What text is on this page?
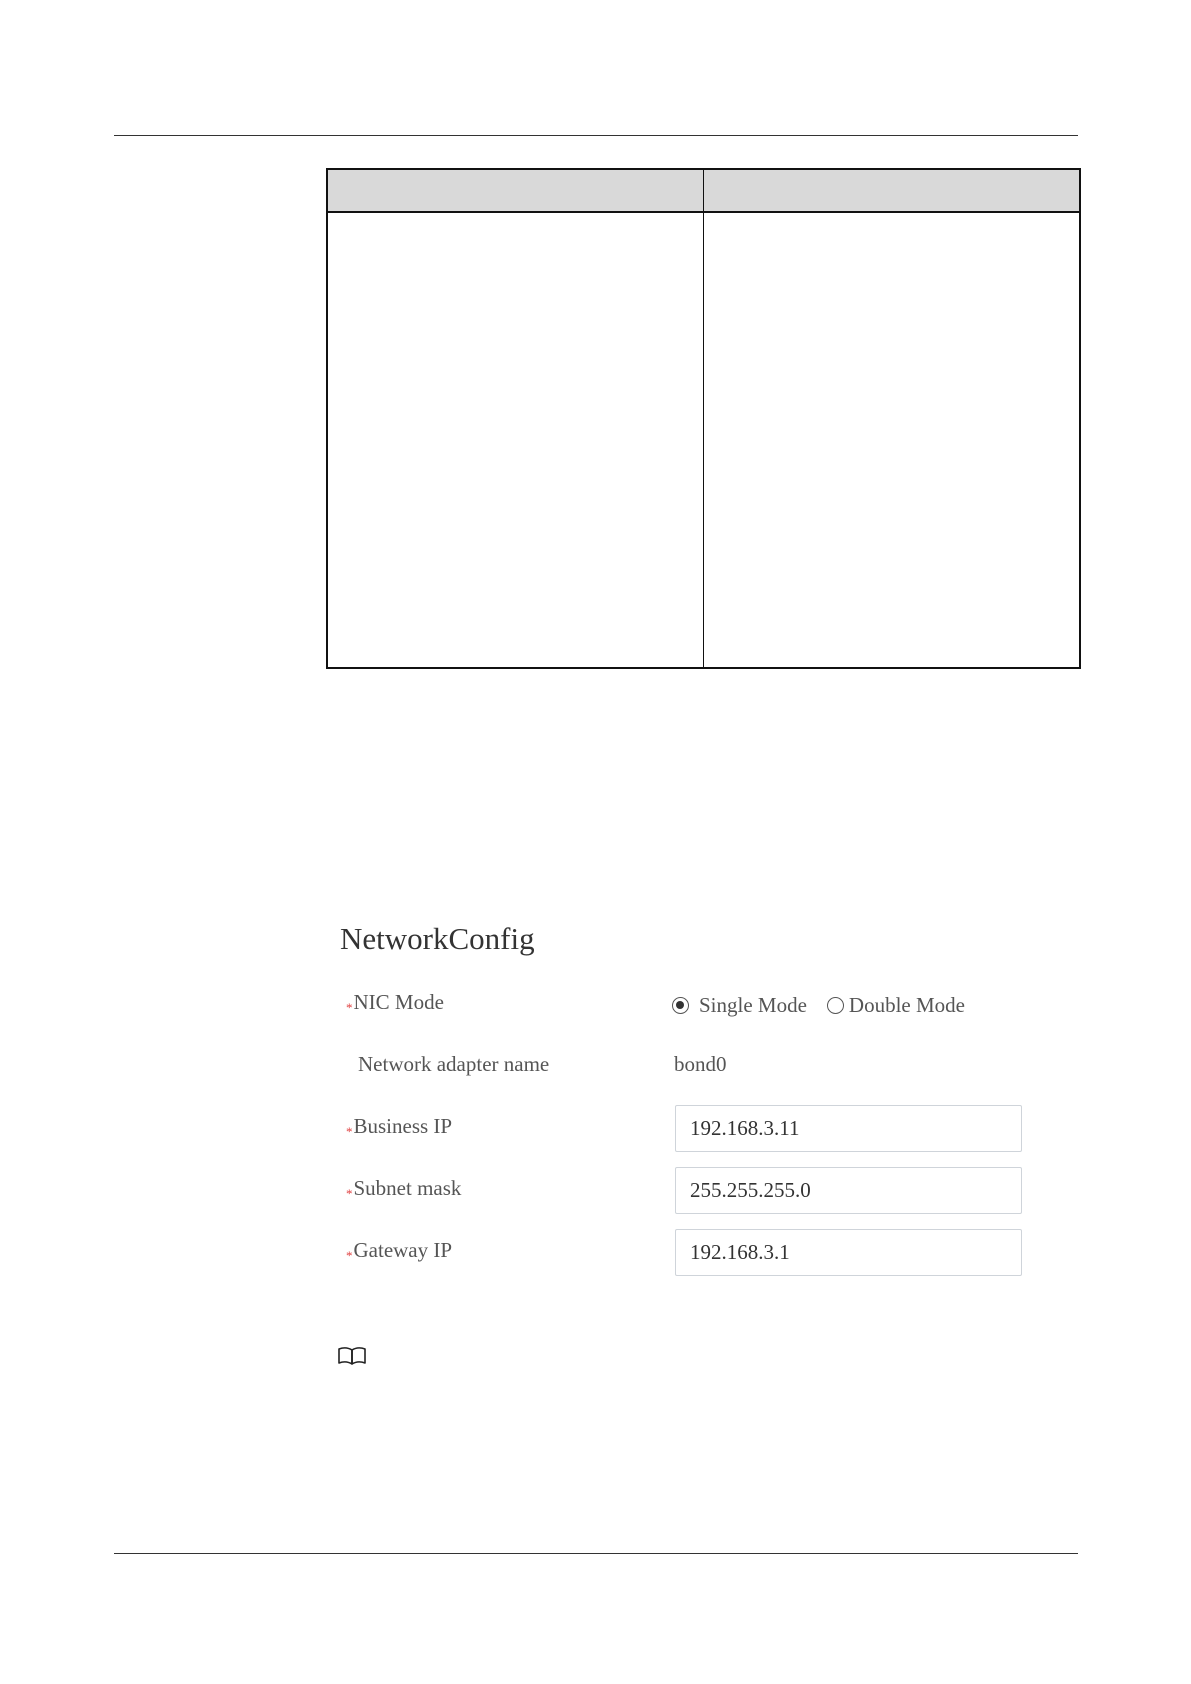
NetworkConfig
*NIC Mode	Single Mode Double Mode
Network adapter name	bond0
*Business IP
192.168.3.11
*Subnet mask
255.255.255.0
*Gateway IP
192.168.3.1
